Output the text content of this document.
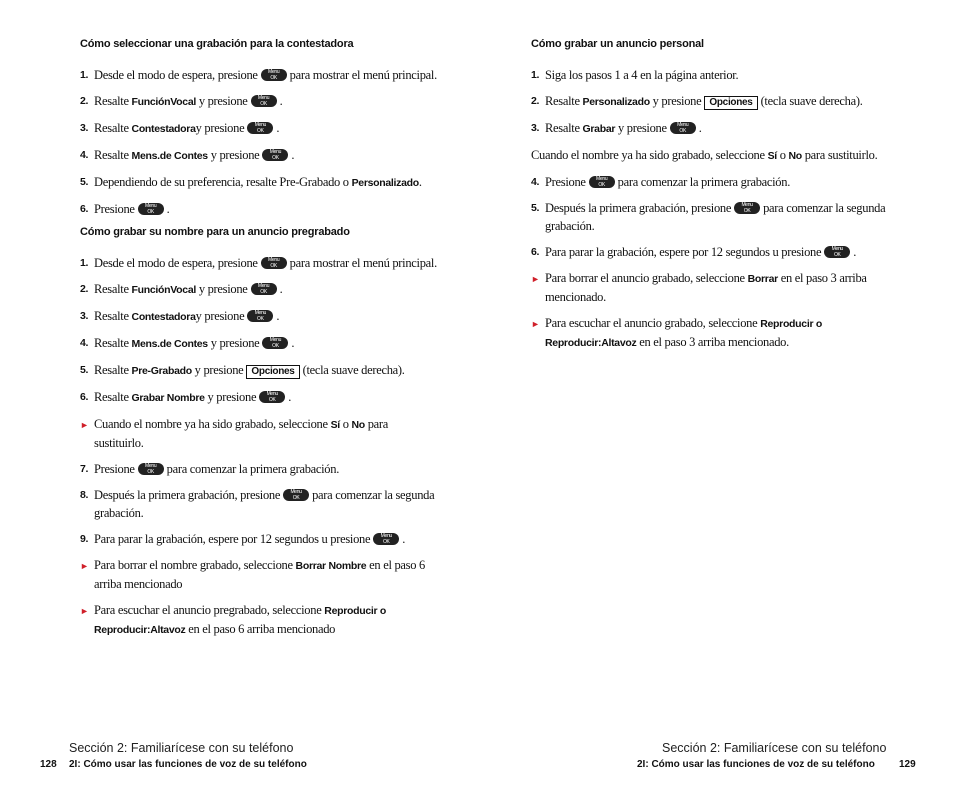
Cómo seleccionar una grabación para la contestadora
1. Desde el modo de espera, presione	Menu
OK	para mostrar el menú principal.
2. Resalte FunciónVocal y presione	Menu
OK	.
3. Resalte Contestadoray presione	Menu
OK	.
4. Resalte Mens.de Contes y presione	Menu
OK	.
5. Dependiendo de su preferencia, resalte Pre-Grabado o Personalizado.
6. Presione	Menu
OK	.
Cómo grabar su nombre para un anuncio pregrabado
1. Desde el modo de espera, presione	Menu
OK	para mostrar el menú principal.
2. Resalte FunciónVocal y presione	Menu
OK	.
3. Resalte Contestadoray presione	Menu
OK	.
4. Resalte Mens.de Contes y presione	Menu
OK	.
5. Resalte Pre-Grabado y presione Opciones (tecla suave derecha).
6. Resalte Grabar Nombre y presione	Menu
OK	.
► Cuando el nombre ya ha sido grabado, seleccione Sí o No para sustituirlo.
7. Presione	Menu
OK	para comenzar la primera grabación.
8. Después la primera grabación, presione	Menu
OK	para comenzar la segunda grabación.
9. Para parar la grabación, espere por 12 segundos u presione	Menu
OK	.
► Para borrar el nombre grabado, seleccione Borrar Nombre en el paso 6 arriba mencionado
► Para escuchar el anuncio pregrabado, seleccione Reproducir o Reproducir:Altavoz en el paso 6 arriba mencionado
Cómo grabar un anuncio personal
1. Siga los pasos 1 a 4 en la página anterior.
2. Resalte Personalizado y presione Opciones (tecla suave derecha).
3. Resalte Grabar y presione	Menu
OK	.
Cuando el nombre ya ha sido grabado, seleccione Sí o No para sustituirlo.
4. Presione	Menu
OK	para comenzar la primera grabación.
5. Después la primera grabación, presione	Menu
OK	para comenzar la segunda grabación.
6. Para parar la grabación, espere por 12 segundos u presione	Menu
OK	.
► Para borrar el anuncio grabado, seleccione Borrar en el paso 3 arriba mencionado.
► Para escuchar el anuncio grabado, seleccione Reproducir o Reproducir:Altavoz en el paso 3 arriba mencionado.
Sección 2: Familiarícese con su teléfono
128 2I: Cómo usar las funciones de voz de su teléfono
Sección 2: Familiarícese con su teléfono
2I: Cómo usar las funciones de voz de su teléfono 129
